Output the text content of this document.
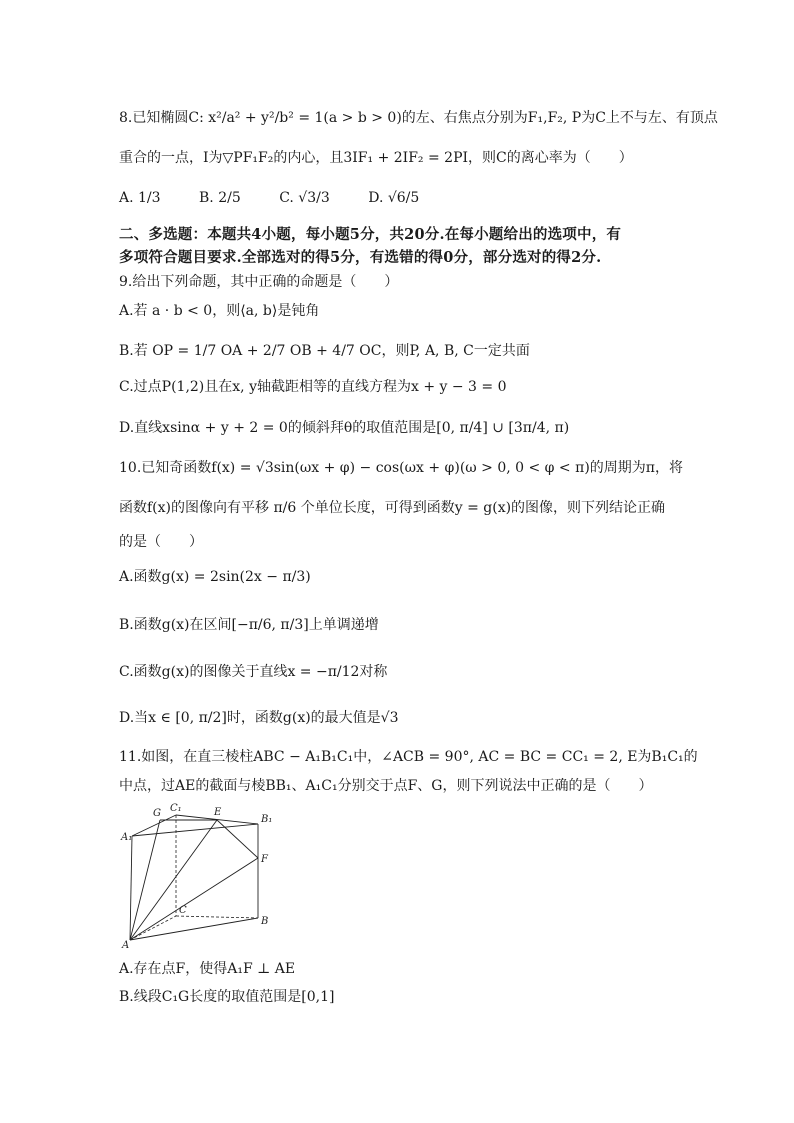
8.已知椭圆C: x²/a² + y²/b² = 1(a > b > 0)的左、右焦点分别为F₁,F₂, P为C上不与左、有顶点
重合的一点，I为▽PF₁F₂的内心，且3IF₁ + 2IF₂ = 2PI，则C的离心率为（　　）
A. 1/3	B. 2/5	C. √3/3	D. √6/5
二、多选题：本题共4小题，每小题5分，共20分.在每小题给出的选项中，有
多项符合题目要求.全部选对的得5分，有选错的得0分，部分选对的得2分.
9.给出下列命题，其中正确的命题是（　　）
A.若 a · b < 0，则⟨a, b⟩是钝角
B.若 OP = 1/7 OA + 2/7 OB + 4/7 OC，则P, A, B, C一定共面
C.过点P(1,2)且在x, y轴截距相等的直线方程为x + y − 3 = 0
D.直线xsinα + y + 2 = 0的倾斜拜θ的取值范围是[0, π/4] ∪ [3π/4, π)
10.已知奇函数f(x) = √3sin(ωx + φ) − cos(ωx + φ)(ω > 0, 0 < φ < π)的周期为π，将
函数f(x)的图像向有平移 π/6 个单位长度，可得到函数y = g(x)的图像，则下列结论正确
的是（　　）
A.函数g(x) = 2sin(2x − π/3)
B.函数g(x)在区间[−π/6, π/3]上单调递增
C.函数g(x)的图像关于直线x = −π/12对称
D.当x ∈ [0, π/2]时，函数g(x)的最大值是√3
11.如图，在直三棱柱ABC − A₁B₁C₁中，∠ACB = 90°, AC = BC = CC₁ = 2, E为B₁C₁的
中点，过AE的截面与棱BB₁、A₁C₁分别交于点F、G，则下列说法中正确的是（　　）
A₁
G C₁	E
B₁
F
C
B
A
A.存在点F，使得A₁F ⊥ AE
B.线段C₁G长度的取值范围是[0,1]
